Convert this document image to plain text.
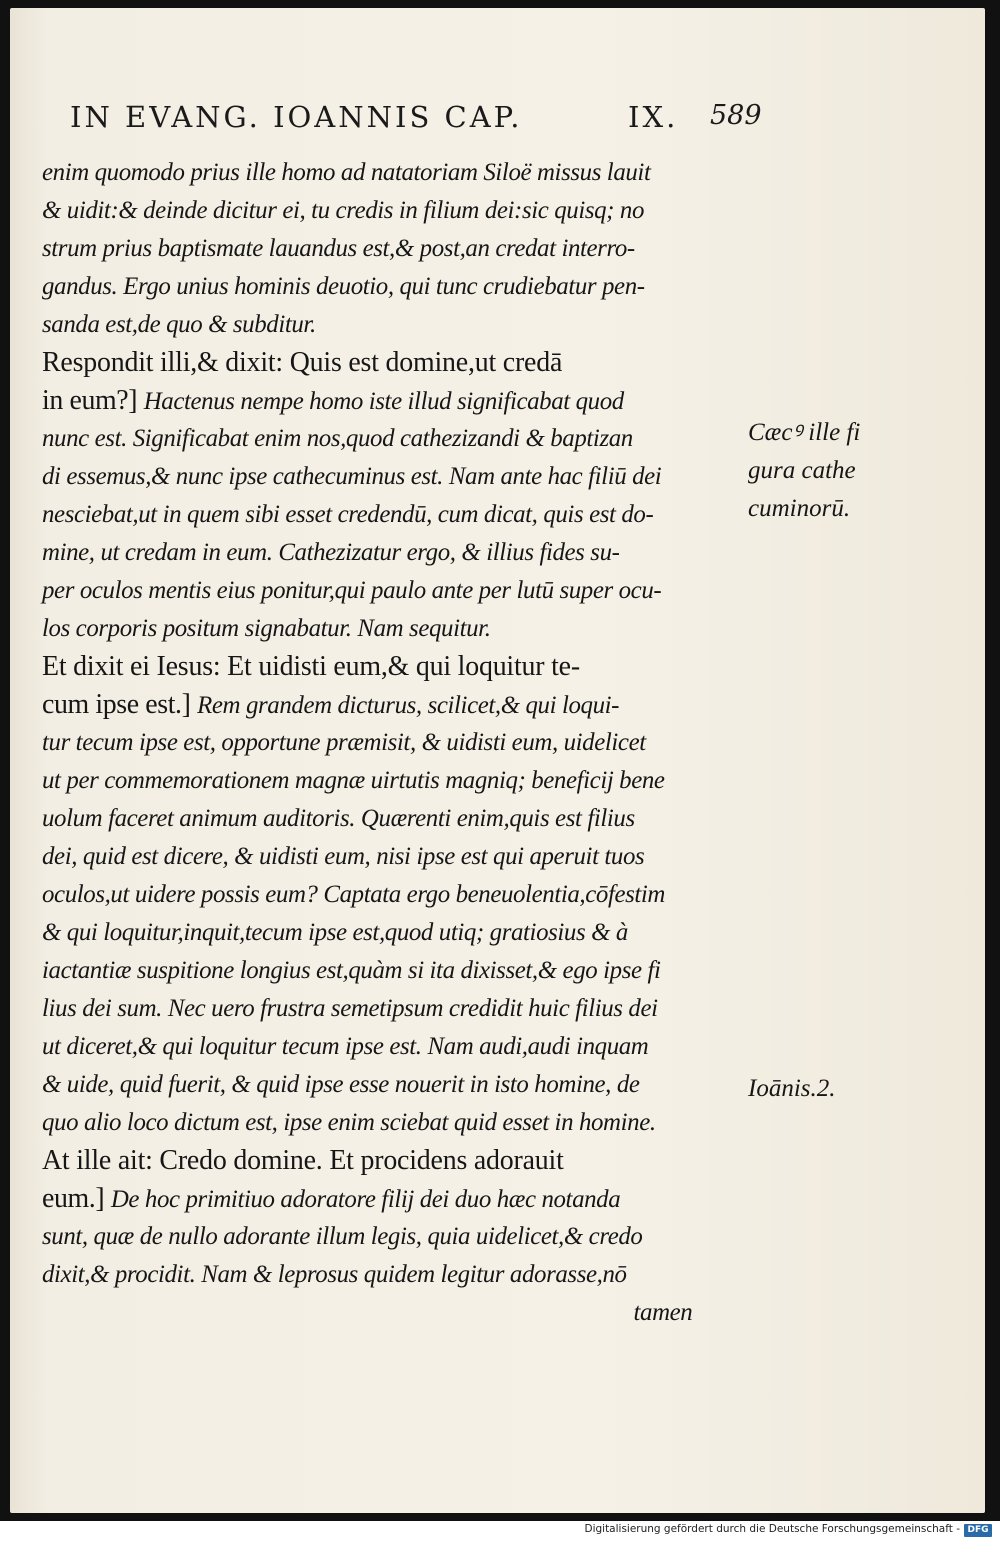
IN EVANG. IOANNIS CAP.	IX. 589
enim quomodo prius ille homo ad natatoriam Siloë missus lauit
& uidit:& deinde dicitur ei, tu credis in filium dei:sic quisq; no
strum prius baptismate lauandus est,& post,an credat interro-
gandus. Ergo unius hominis deuotio, qui tunc crudiebatur pen-
sanda est,de quo & subditur.
Respondit illi,& dixit: Quis est domine,ut credā
in eum?] Hactenus nempe homo iste illud significabat quod
nunc est. Significabat enim nos,quod cathezizandi & baptizan
di essemus,& nunc ipse cathecuminus est. Nam ante hac filiū dei
nesciebat,ut in quem sibi esset credendū, cum dicat, quis est do-
mine, ut credam in eum. Cathezizatur ergo, & illius fides su-
per oculos mentis eius ponitur,qui paulo ante per lutū super ocu-
los corporis positum signabatur. Nam sequitur.
Et dixit ei Iesus: Et uidisti eum,& qui loquitur te-
cum ipse est.] Rem grandem dicturus, scilicet,& qui loqui-
tur tecum ipse est, opportune præmisit, & uidisti eum, uidelicet
ut per commemorationem magnæ uirtutis magniq; beneficij bene
uolum faceret animum auditoris. Quærenti enim,quis est filius
dei, quid est dicere, & uidisti eum, nisi ipse est qui aperuit tuos
oculos,ut uidere possis eum? Captata ergo beneuolentia,cōfestim
& qui loquitur,inquit,tecum ipse est,quod utiq; gratiosius & à
iactantiæ suspitione longius est,quàm si ita dixisset,& ego ipse fi
lius dei sum. Nec uero frustra semetipsum credidit huic filius dei
ut diceret,& qui loquitur tecum ipse est. Nam audi,audi inquam
& uide, quid fuerit, & quid ipse esse nouerit in isto homine, de
quo alio loco dictum est, ipse enim sciebat quid esset in homine.
At ille ait: Credo domine. Et procidens adorauit
eum.] De hoc primitiuo adoratore filij dei duo hæc notanda
sunt, quæ de nullo adorante illum legis, quia uidelicet,& credo
dixit,& procidit. Nam & leprosus quidem legitur adorasse,nō
tamen
Cæcꝰ ille fi
gura cathe
cuminorū.
Ioānis.2.
Digitalisierung gefördert durch die Deutsche Forschungsgemeinschaft - DFG
